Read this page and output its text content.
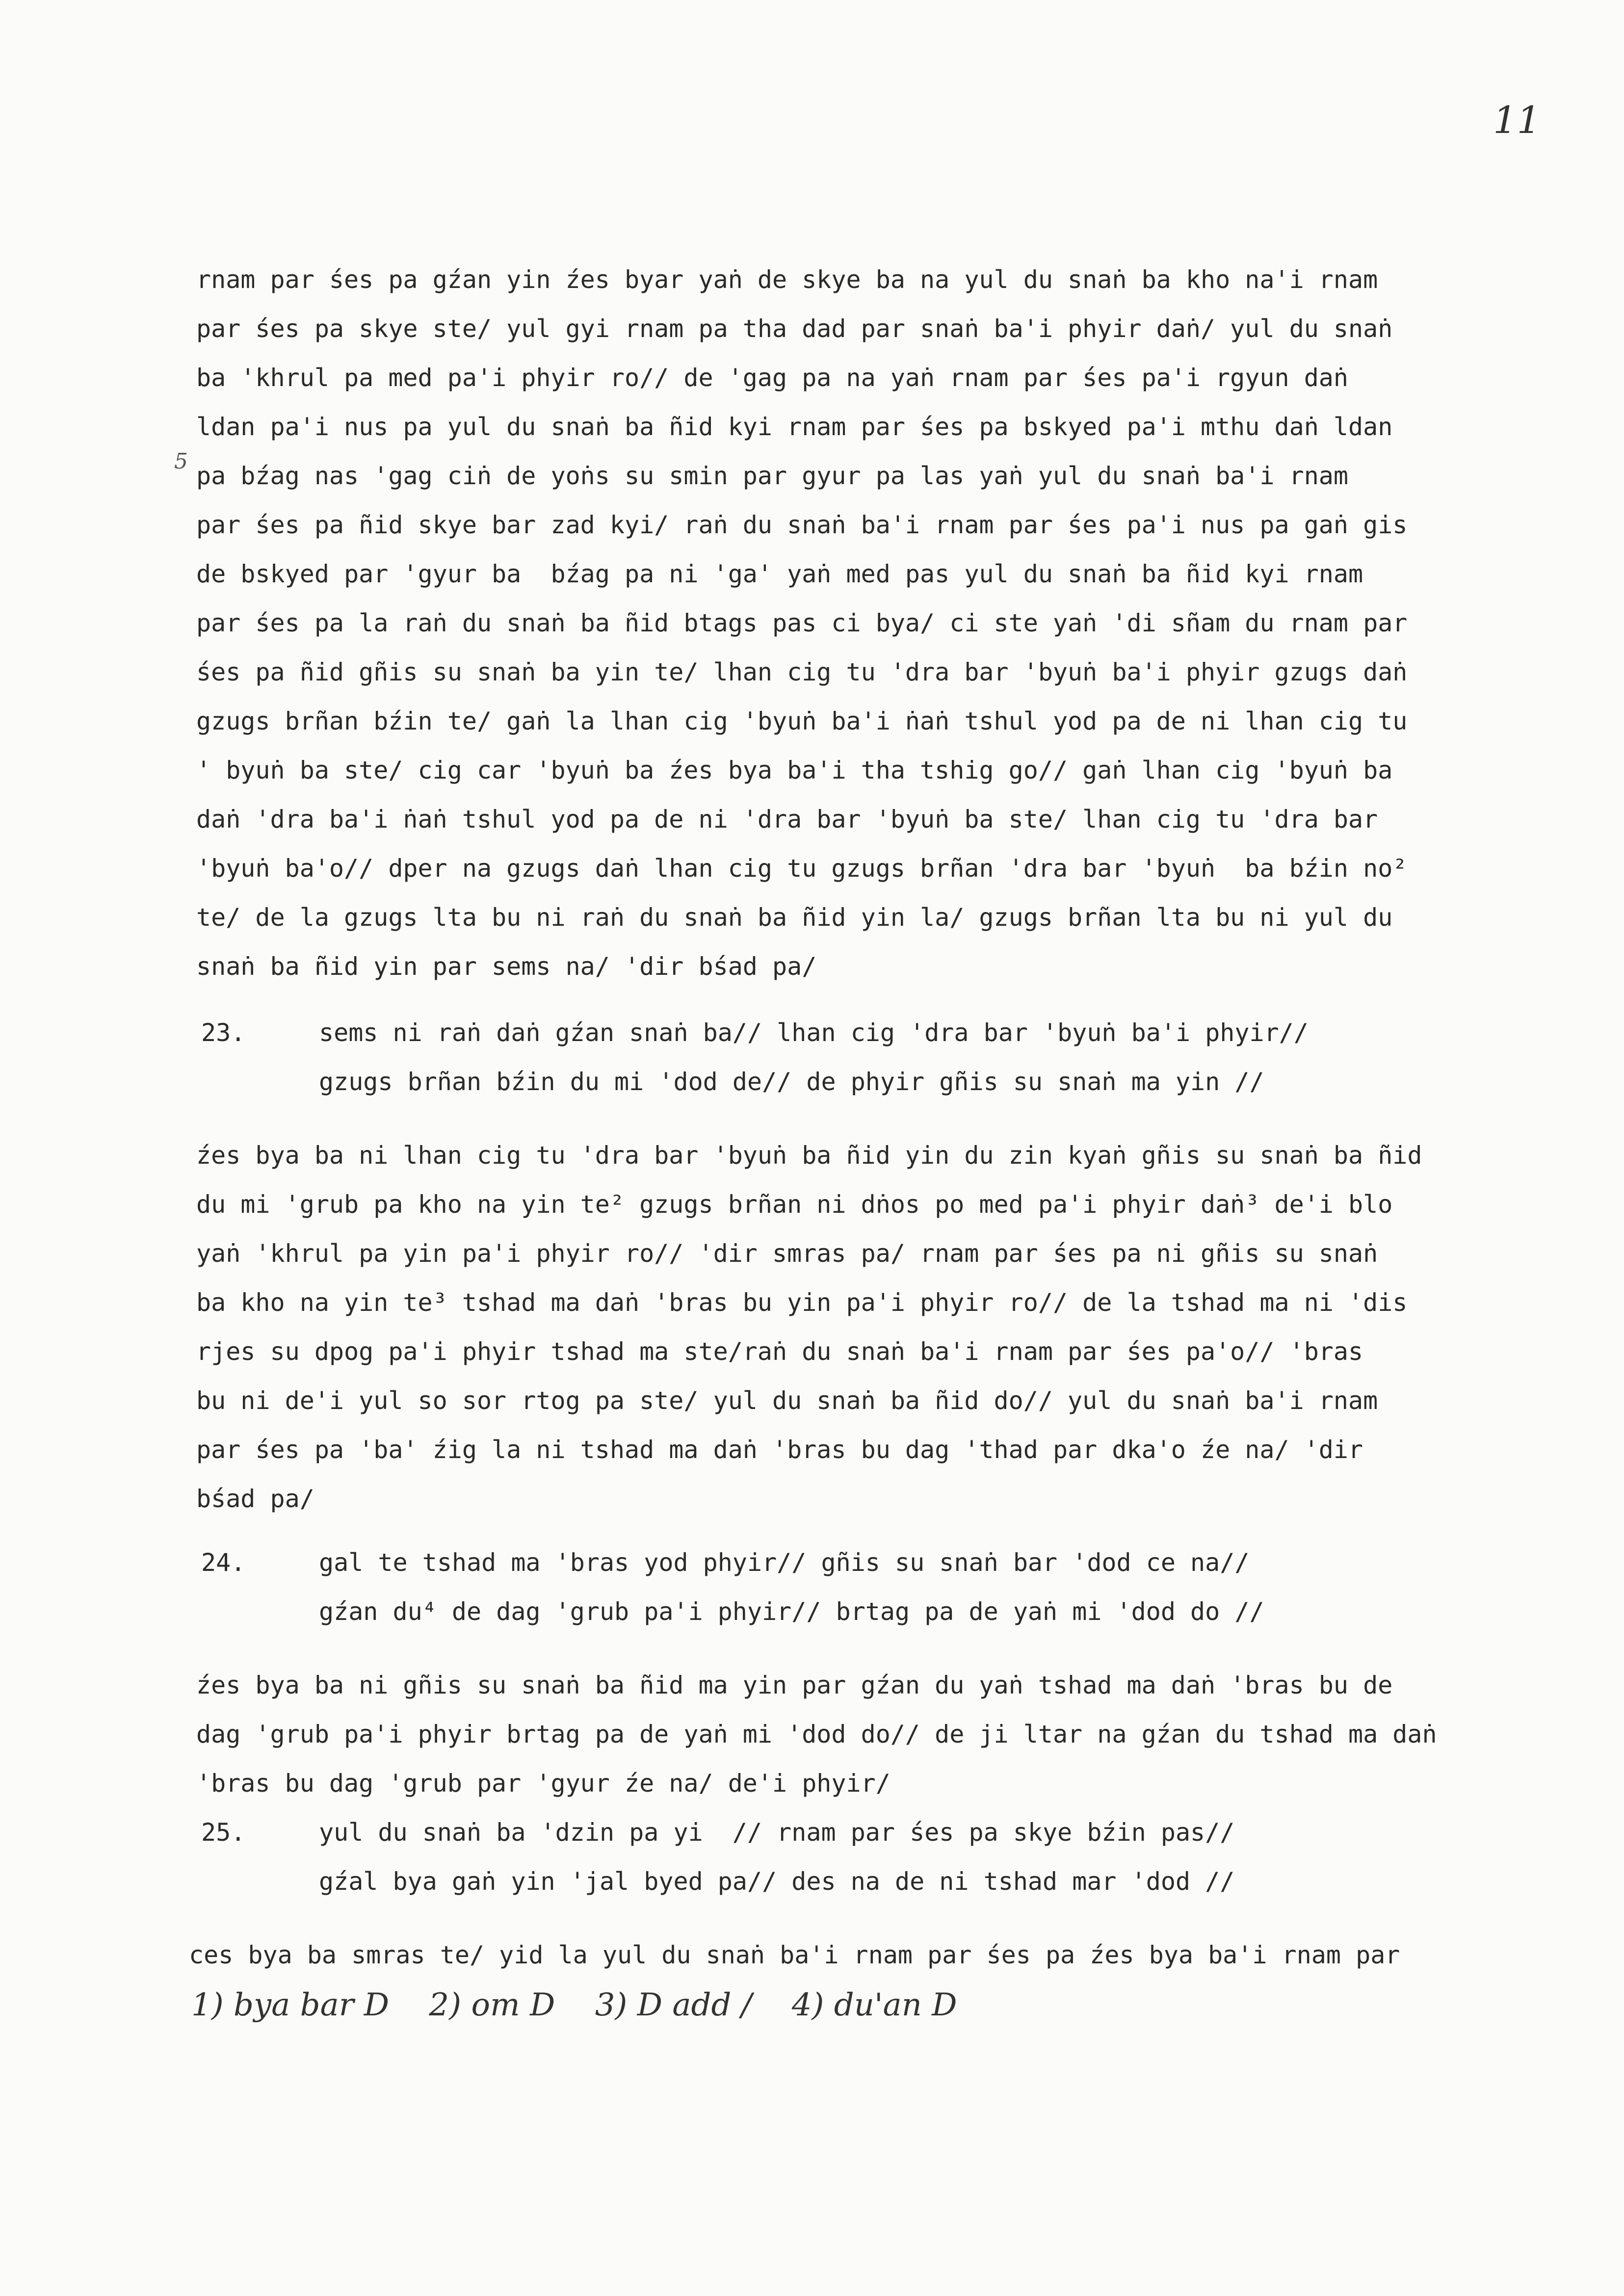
11
5
rnam par śes pa gźan yin źes byar yaṅ de skye ba na yul du snaṅ ba kho na'i rnam
par śes pa skye ste/ yul gyi rnam pa tha dad par snaṅ ba'i phyir daṅ/ yul du snaṅ
ba 'khrul pa med pa'i phyir ro// de 'gag pa na yaṅ rnam par śes pa'i rgyun daṅ
ldan pa'i nus pa yul du snaṅ ba ñid kyi rnam par śes pa bskyed pa'i mthu daṅ ldan
pa bźag nas 'gag ciṅ de yoṅs su smin par gyur pa las yaṅ yul du snaṅ ba'i rnam
par śes pa ñid skye bar zad kyi/ raṅ du snaṅ ba'i rnam par śes pa'i nus pa gaṅ gis
de bskyed par 'gyur ba  bźag pa ni 'ga' yaṅ med pas yul du snaṅ ba ñid kyi rnam
par śes pa la raṅ du snaṅ ba ñid btags pas ci bya/ ci ste yaṅ 'di sñam du rnam par
śes pa ñid gñis su snaṅ ba yin te/ lhan cig tu 'dra bar 'byuṅ ba'i phyir gzugs daṅ
gzugs brñan bźin te/ gaṅ la lhan cig 'byuṅ ba'i ṅaṅ tshul yod pa de ni lhan cig tu
' byuṅ ba ste/ cig car 'byuṅ ba źes bya ba'i tha tshig go// gaṅ lhan cig 'byuṅ ba
daṅ 'dra ba'i ṅaṅ tshul yod pa de ni 'dra bar 'byuṅ ba ste/ lhan cig tu 'dra bar
'byuṅ ba'o// dper na gzugs daṅ lhan cig tu gzugs brñan 'dra bar 'byuṅ  ba bźin no²
te/ de la gzugs lta bu ni raṅ du snaṅ ba ñid yin la/ gzugs brñan lta bu ni yul du
snaṅ ba ñid yin par sems na/ 'dir bśad pa/
23.	sems ni raṅ daṅ gźan snaṅ ba// lhan cig 'dra bar 'byuṅ ba'i phyir//
gzugs brñan bźin du mi 'dod de// de phyir gñis su snaṅ ma yin //
źes bya ba ni lhan cig tu 'dra bar 'byuṅ ba ñid yin du zin kyaṅ gñis su snaṅ ba ñid
du mi 'grub pa kho na yin te² gzugs brñan ni dṅos po med pa'i phyir daṅ³ de'i blo
yaṅ 'khrul pa yin pa'i phyir ro// 'dir smras pa/ rnam par śes pa ni gñis su snaṅ
ba kho na yin te³ tshad ma daṅ 'bras bu yin pa'i phyir ro// de la tshad ma ni 'dis
rjes su dpog pa'i phyir tshad ma ste/raṅ du snaṅ ba'i rnam par śes pa'o// 'bras
bu ni de'i yul so sor rtog pa ste/ yul du snaṅ ba ñid do// yul du snaṅ ba'i rnam
par śes pa 'ba' źig la ni tshad ma daṅ 'bras bu dag 'thad par dka'o źe na/ 'dir
bśad pa/
24.	gal te tshad ma 'bras yod phyir// gñis su snaṅ bar 'dod ce na//
gźan du⁴ de dag 'grub pa'i phyir// brtag pa de yaṅ mi 'dod do //
źes bya ba ni gñis su snaṅ ba ñid ma yin par gźan du yaṅ tshad ma daṅ 'bras bu de
dag 'grub pa'i phyir brtag pa de yaṅ mi 'dod do// de ji ltar na gźan du tshad ma daṅ
'bras bu dag 'grub par 'gyur źe na/ de'i phyir/
25.	yul du snaṅ ba 'dzin pa yi  // rnam par śes pa skye bźin pas//
gźal bya gaṅ yin 'jal byed pa// des na de ni tshad mar 'dod //
ces bya ba smras te/ yid la yul du snaṅ ba'i rnam par śes pa źes bya ba'i rnam par
1) bya bar D    2) om D    3) D add /    4) du'an D
